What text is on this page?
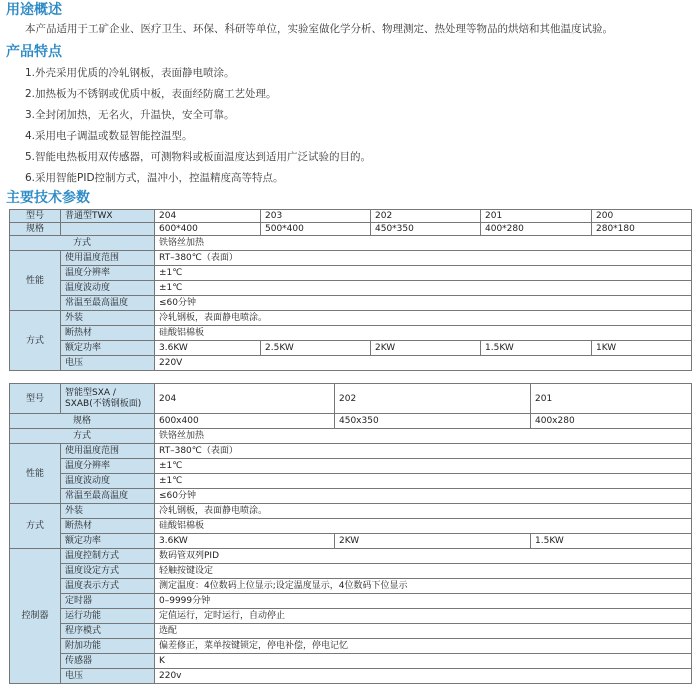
用途概述

本产品适用于工矿企业、医疗卫生、环保、科研等单位，实验室做化学分析、物理测定、热处理等物品的烘焙和其他温度试验。

产品特点

1.外壳采用优质的冷轧钢板，表面静电喷涂。

2.加热板为不锈钢或优质中板，表面经防腐工艺处理。

3.全封闭加热，无名火，升温快，安全可靠。

4.采用电子调温或数显智能控温型。

5.智能电热板用双传感器，可测物料或板面温度达到适用广泛试验的目的。

6.采用智能PID控制方式，温冲小，控温精度高等特点。

主要技术参数
型号	普通型TWX	204	203	202	201	200
规格		600*400	500*400	450*350	400*280	280*180
方式		铁铬丝加热				
性能	使用温度范围	RT–380℃（表面）				
	温度分辨率	±1℃				
	温度波动度	±1℃				
	常温至最高温度	≤60分钟				
方式	外装	冷轧钢板，表面静电喷涂。				
	断热材	硅酸铝棉板				
	额定功率	3.6KW	2.5KW	2KW	1.5KW	1KW
	电压	220V				
型号	智能型SXA / SXAB(不锈钢板面)	204	202	201
规格		600x400	450x350	400x280
方式		铁铬丝加热		
性能	使用温度范围	RT–380℃（表面）		
	温度分辨率	±1℃		
	温度波动度	±1℃		
	常温至最高温度	≤60分钟		
方式	外装	冷轧钢板，表面静电喷涂。		
	断热材	硅酸铝棉板		
	额定功率	3.6KW	2KW	1.5KW
控制器	温度控制方式	数码管双列PID		
	温度设定方式	轻触按键设定		
	温度表示方式	测定温度：4位数码上位显示;设定温度显示，4位数码下位显示		
	定时器	0–9999分钟		
	运行功能	定值运行，定时运行，自动停止		
	程序模式	选配		
	附加功能	偏差修正，菜单按键锁定，停电补偿，停电记忆		
	传感器	K		
	电压	220v		
